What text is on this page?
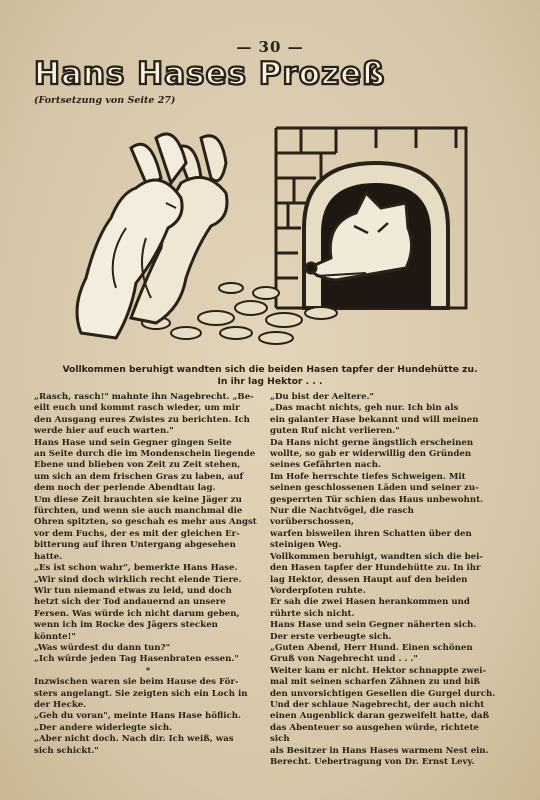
— 30 —
Hans Hases Prozeß
(Fortsetzung von Seite 27)
Vollkommen beruhigt wandten sich die beiden Hasen tapfer der Hundehütte zu.
In ihr lag Hektor . . .

„Rasch, rasch!" mahnte ihn Nagebrecht. „Be-

eilt euch und kommt rasch wieder, um mir

den Ausgang eures Zwistes zu berichten. Ich

werde hier auf euch warten."

Hans Hase und sein Gegner gingen Seite

an Seite durch die im Mondenschein liegende

Ebene und blieben von Zeit zu Zeit stehen,

um sich an dem frischen Gras zu laben, auf

dem noch der perlende Abendtau lag.

Um diese Zeit brauchten sie keine Jäger zu

fürchten, und wenn sie auch manchmal die

Ohren spitzten, so geschah es mehr aus Angst

vor dem Fuchs, der es mit der gleichen Er-

bitterung auf ihren Untergang abgesehen

hatte.

„Es ist schon wahr", bemerkte Hans Hase.

„Wir sind doch wirklich recht elende Tiere.

Wir tun niemand etwas zu leid, und doch

hetzt sich der Tod andauernd an unsere

Fersen. Was würde ich nicht darum geben,

wenn ich im Rocke des Jägers stecken könnte!"

„Was würdest du dann tun?"

„Ich würde jeden Tag Hasenbraten essen."

*

Inzwischen waren sie beim Hause des För-

sters angelangt. Sie zeigten sich ein Loch in

der Hecke.

„Geh du voran", meinte Hans Hase höflich.

„Der andere widerlegte sich.

„Aber nicht doch. Nach dir. Ich weiß, was

sich schickt."

„Du bist der Aeltere."

„Das macht nichts, geh nur. Ich bin als

ein galanter Hase bekannt und will meinen

guten Ruf nicht verlieren."

Da Hans nicht gerne ängstlich erscheinen

wollte, so gab er widerwillig den Gründen

seines Gefährten nach.

Im Hofe herrschte tiefes Schweigen. Mit

seinen geschlossenen Läden und seiner zu-

gesperrten Tür schien das Haus unbewohnt.

Nur die Nachtvögel, die rasch vorüberschossen,

warfen bisweilen ihren Schatten über den

steinigen Weg.

Vollkommen beruhigt, wandten sich die bei-

den Hasen tapfer der Hundehütte zu. In ihr

lag Hektor, dessen Haupt auf den beiden

Vorderpfoten ruhte.

Er sah die zwei Hasen herankommen und

rührte sich nicht.

Hans Hase und sein Gegner näherten sich.

Der erste verbeugte sich.

„Guten Abend, Herr Hund. Einen schönen

Gruß von Nagebrecht und . . ."

Weiter kam er nicht. Hektor schnappte zwei-

mal mit seinen scharfen Zähnen zu und biß

den unvorsichtigen Gesellen die Gurgel durch.

Und der schlaue Nagebrecht, der auch nicht

einen Augenblick daran gezweifelt hatte, daß

das Abenteuer so ausgehen würde, richtete sich

als Besitzer in Hans Hases warmem Nest ein.

Berecht. Uebertragung von Dr. Ernst Levy.
